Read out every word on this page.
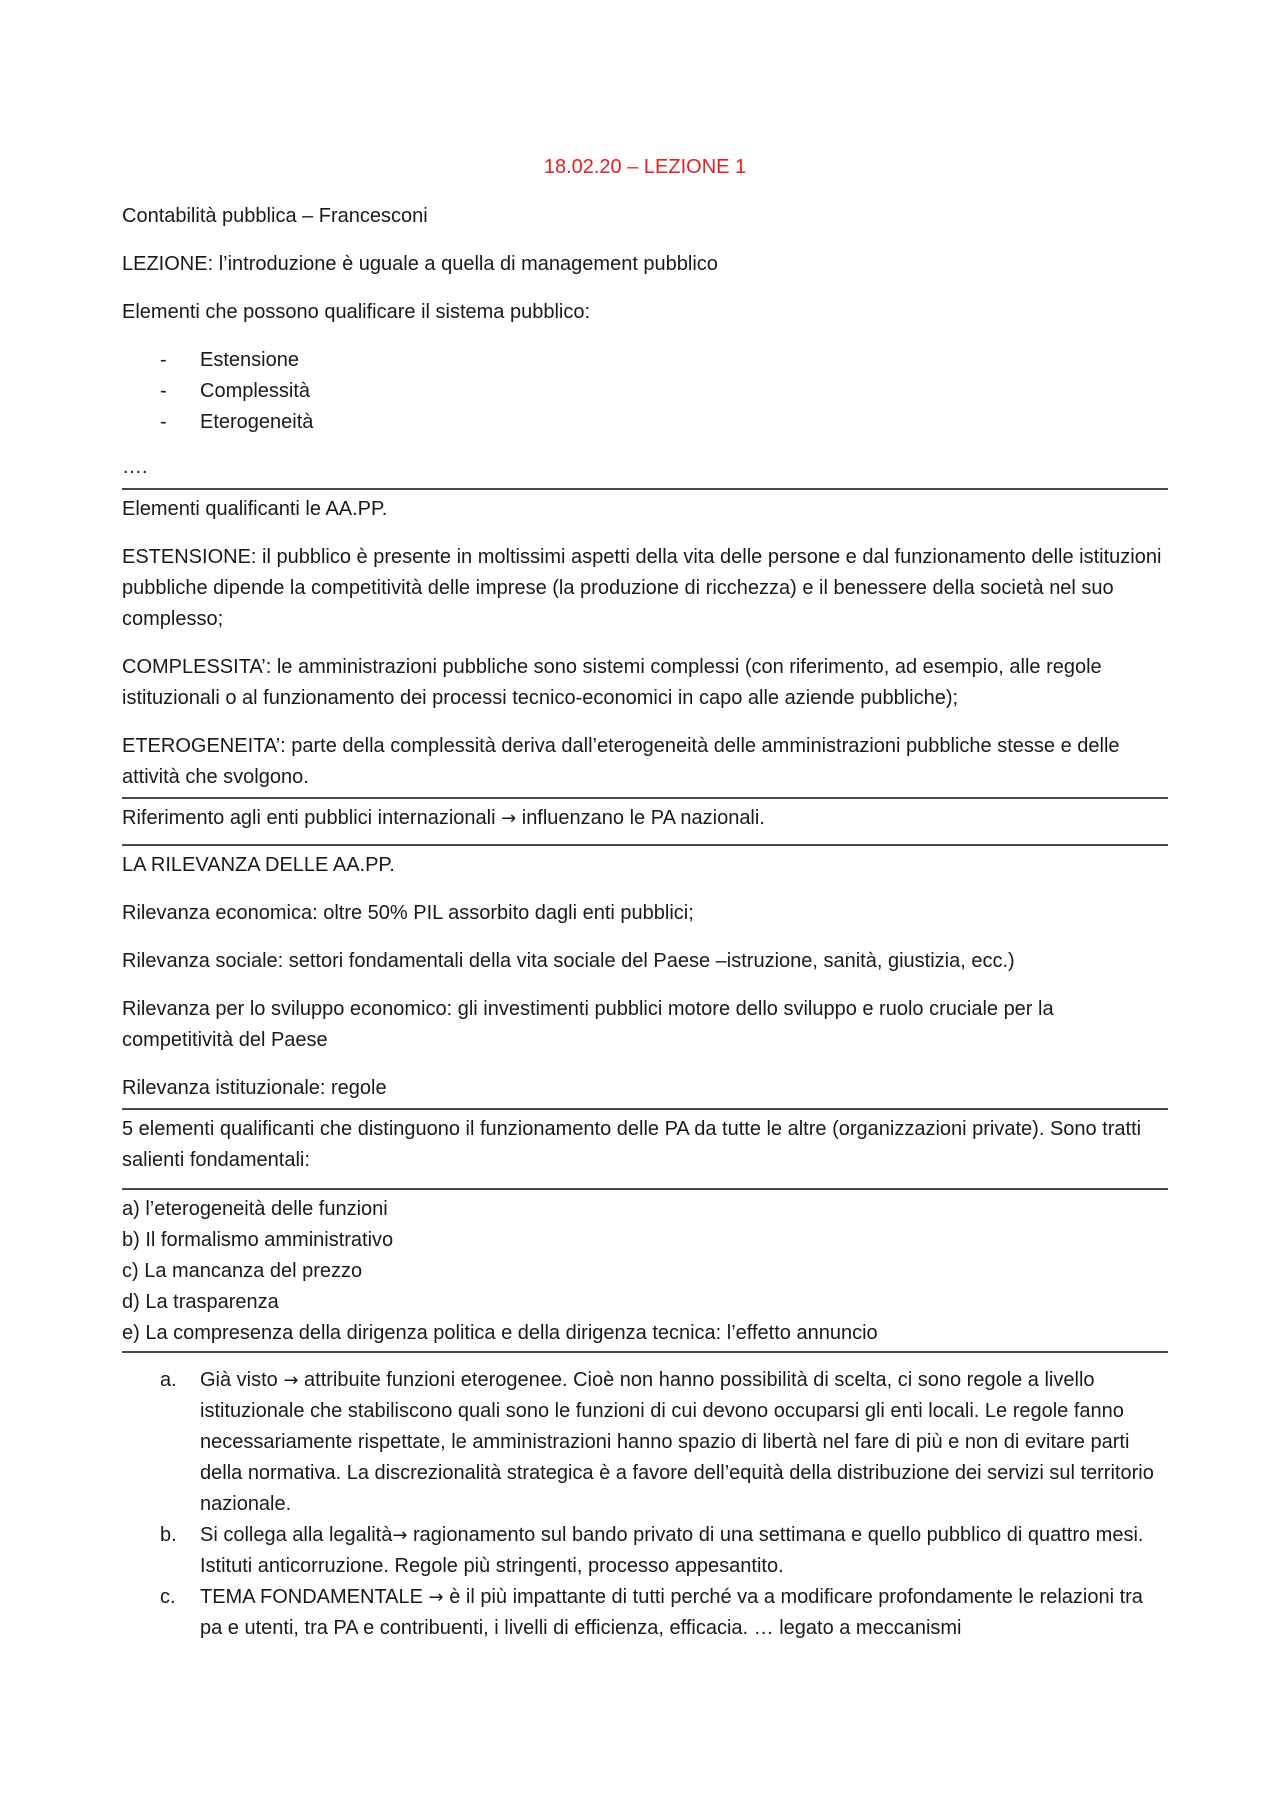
18.02.20 – LEZIONE 1

Contabilità pubblica – Francesconi

LEZIONE: l’introduzione è uguale a quella di management pubblico

Elementi che possono qualificare il sistema pubblico:

- Estensione
- Complessità
- Eterogeneità
….

Elementi qualificanti le AA.PP.

ESTENSIONE: il pubblico è presente in moltissimi aspetti della vita delle persone e dal funzionamento delle istituzioni pubbliche dipende la competitività delle imprese (la produzione di ricchezza) e il benessere della società nel suo complesso;

COMPLESSITA’: le amministrazioni pubbliche sono sistemi complessi (con riferimento, ad esempio, alle regole istituzionali o al funzionamento dei processi tecnico-economici in capo alle aziende pubbliche);

ETEROGENEITA’: parte della complessità deriva dall’eterogeneità delle amministrazioni pubbliche stesse e delle attività che svolgono.

Riferimento agli enti pubblici internazionali → influenzano le PA nazionali.

LA RILEVANZA DELLE AA.PP.

Rilevanza economica: oltre 50% PIL assorbito dagli enti pubblici;

Rilevanza sociale: settori fondamentali della vita sociale del Paese –istruzione, sanità, giustizia, ecc.)

Rilevanza per lo sviluppo economico: gli investimenti pubblici motore dello sviluppo e ruolo cruciale per la competitività del Paese

Rilevanza istituzionale: regole

5 elementi qualificanti che distinguono il funzionamento delle PA da tutte le altre (organizzazioni private). Sono tratti salienti fondamentali:

a) l’eterogeneità delle funzioni
b) Il formalismo amministrativo
c) La mancanza del prezzo
d) La trasparenza
e) La compresenza della dirigenza politica e della dirigenza tecnica: l’effetto annuncio
a. Già visto → attribuite funzioni eterogenee. Cioè non hanno possibilità di scelta, ci sono regole a livello istituzionale che stabiliscono quali sono le funzioni di cui devono occuparsi gli enti locali. Le regole fanno necessariamente rispettate, le amministrazioni hanno spazio di libertà nel fare di più e non di evitare parti della normativa. La discrezionalità strategica è a favore dell’equità della distribuzione dei servizi sul territorio nazionale.
b. Si collega alla legalità→ ragionamento sul bando privato di una settimana e quello pubblico di quattro mesi. Istituti anticorruzione. Regole più stringenti, processo appesantito.
c. TEMA FONDAMENTALE → è il più impattante di tutti perché va a modificare profondamente le relazioni tra pa e utenti, tra PA e contribuenti, i livelli di efficienza, efficacia. … legato a meccanismi
